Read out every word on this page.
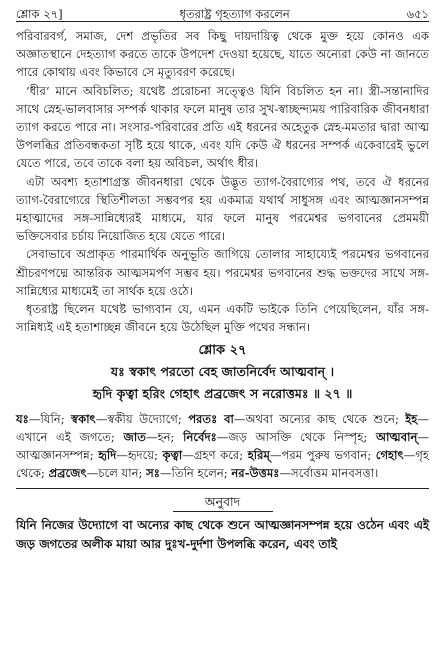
শ্লোক ২৭]	ধৃতরাষ্ট্র গৃহত্যাগ করলেন	৬৫১

পরিবারবর্গ, সমাজ, দেশ প্রভৃতির সব কিছু দায়দায়িত্ব থেকে মুক্ত হয়ে কোনও এক অজ্ঞাতস্থানে দেহত্যাগ করতে তাকে উপদেশ দেওয়া হয়েছে, যাতে অন্যেরা কেউ না জানতে পারে কোথায় এবং কিভাবে সে মৃত্যুবরণ করেছে।

‘ধীর’ মানে অবিচলিত; যথেষ্ট প্ররোচনা সত্ত্বেও যিনি বিচলিত হন না। স্ত্রী-সন্তানাদির সাথে স্নেহ-ভালবাসার সম্পর্ক থাকার ফলে মানুষ তার সুখ-স্বাচ্ছন্দ্যময় পারিবারিক জীবনধারা ত্যাগ করতে পারে না। সংসার-পরিবারের প্রতি এই ধরনের অহেতুক স্নেহ-মমতার দ্বারা আত্ম উপলব্ধির প্রতিবন্ধকতা সৃষ্টি হয়ে থাকে, এবং যদি কেউ ঐ ধরনের সম্পর্ক একেবারেই ভুলে যেতে পারে, তবে তাকে বলা হয় অবিচল, অর্থাৎ ধীর।

এটা অবশ্য হতাশাগ্রস্ত জীবনধারা থেকে উদ্ভূত ত্যাগ-বৈরাগ্যের পথ, তবে ঐ ধরনের ত্যাগ-বৈরাগ্যেরে স্থিতিশীলতা সম্ভবপর হয় একমাত্র যথার্থ সাধুসঙ্গ এবং আত্মজ্ঞানসম্পন্ন মহাত্মাদের সঙ্গ-সান্নিধ্যেরই মাধ্যমে, যার ফলে মানুষ পরমেশ্বর ভগবানের প্রেমময়ী ভক্তিসেবার চর্চায় নিয়োজিত হয়ে যেতে পারে।

সেবাভাবে অপ্রাকৃত পারমার্থিক অনুভূতি জাগিয়ে তোলার সাহায্যেই পরমেশ্বর ভগবানের শ্রীচরণপদ্মে আন্তরিক আত্মসমর্পণ সম্ভব হয়। পরমেশ্বর ভগবানের শুদ্ধ ভক্তদের সাথে সঙ্গ-সান্নিধ্যের মাধ্যমেই তা সার্থক হয়ে ওঠে।

ধৃতরাষ্ট্র ছিলেন যথেষ্ট ভাগ্যবান যে, এমন একটি ভাইকে তিনি পেয়েছিলেন, যাঁর সঙ্গ-সান্নিধ্যই এই হতাশাচ্ছন্ন জীবনে হয়ে উঠেছিল মুক্তি পথের সন্ধান।

শ্লোক ২৭

যঃ স্বকাৎ পরতো বেহ জাতনির্বেদ আত্মবান্ ।

হৃদি কৃত্বা হরিং গেহাৎ প্রব্রজেৎ স নরোত্তমঃ ॥ ২৭ ॥

যঃ—যিনি; স্বকাৎ—স্বকীয় উদ্যোগে; পরতঃ বা—অথবা অন্যের কাছ থেকে শুনে; ইহ—এখানে এই জগতে; জাত—হন; নির্বেদঃ—জড় আসক্তি থেকে নিস্পৃহ; আত্মবান্—আত্মজ্ঞানসম্পন্ন; হৃদি—হৃদয়ে; কৃত্বা—গ্রহণ করে; হরিম্—পরম পুরুষ ভগবান; গেহাৎ—গৃহ থেকে; প্রব্রজেৎ—চলে যান; সঃ—তিনি হলেন; নর-উত্তমঃ—সর্বোত্তম মানবসত্তা।

অনুবাদ

যিনি নিজের উদ্যোগে বা অন্যের কাছ থেকে শুনে আত্মজ্ঞানসম্পন্ন হয়ে ওঠেন এবং এই জড় জগতের অলীক মায়া আর দুঃখ-দুর্দশা উপলব্ধি করেন, এবং তাই
